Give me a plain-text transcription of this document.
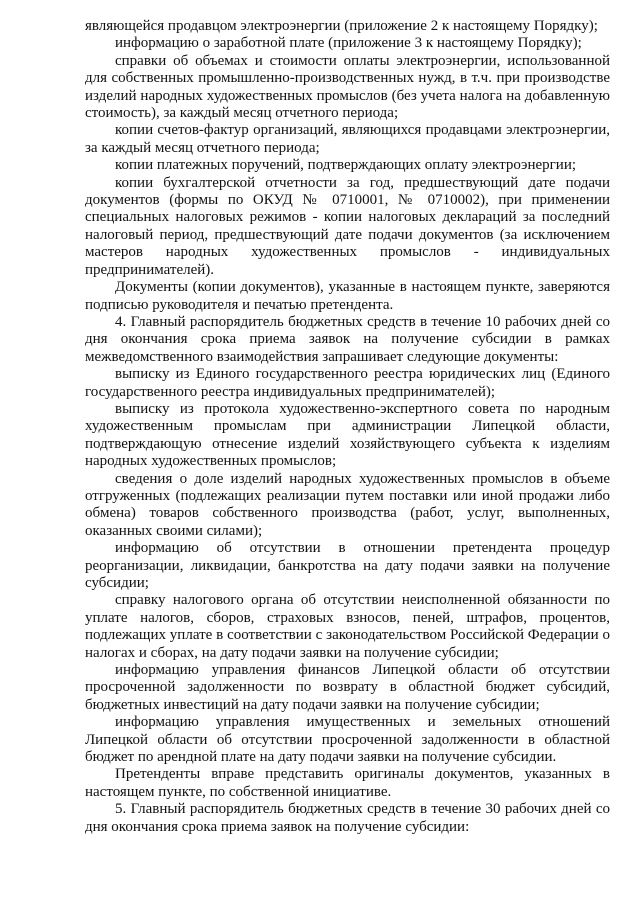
являющейся продавцом электроэнергии (приложение 2 к настоящему Порядку);

информацию о заработной плате (приложение 3 к настоящему Порядку);

справки об объемах и стоимости оплаты электроэнергии, использованной для собственных промышленно-производственных нужд, в т.ч. при производстве изделий народных художественных промыслов (без учета налога на добавленную стоимость), за каждый месяц отчетного периода;

копии счетов-фактур организаций, являющихся продавцами электроэнергии, за каждый месяц отчетного периода;

копии платежных поручений, подтверждающих оплату электроэнергии;

копии бухгалтерской отчетности за год, предшествующий дате подачи документов (формы по ОКУД № 0710001, № 0710002), при применении специальных налоговых режимов - копии налоговых деклараций за последний налоговый период, предшествующий дате подачи документов (за исключением мастеров народных художественных промыслов - индивидуальных предпринимателей).

Документы (копии документов), указанные в настоящем пункте, заверяются подписью руководителя и печатью претендента.

4. Главный распорядитель бюджетных средств в течение 10 рабочих дней со дня окончания срока приема заявок на получение субсидии в рамках межведомственного взаимодействия запрашивает следующие документы:

выписку из Единого государственного реестра юридических лиц (Единого государственного реестра индивидуальных предпринимателей);

выписку из протокола художественно-экспертного совета по народным художественным промыслам при администрации Липецкой области, подтверждающую отнесение изделий хозяйствующего субъекта к изделиям народных художественных промыслов;

сведения о доле изделий народных художественных промыслов в объеме отгруженных (подлежащих реализации путем поставки или иной продажи либо обмена) товаров собственного производства (работ, услуг, выполненных, оказанных своими силами);

информацию об отсутствии в отношении претендента процедур реорганизации, ликвидации, банкротства на дату подачи заявки на получение субсидии;

справку налогового органа об отсутствии неисполненной обязанности по уплате налогов, сборов, страховых взносов, пеней, штрафов, процентов, подлежащих уплате в соответствии с законодательством Российской Федерации о налогах и сборах, на дату подачи заявки на получение субсидии;

информацию управления финансов Липецкой области об отсутствии просроченной задолженности по возврату в областной бюджет субсидий, бюджетных инвестиций на дату подачи заявки на получение субсидии;

информацию управления имущественных и земельных отношений Липецкой области об отсутствии просроченной задолженности в областной бюджет по арендной плате на дату подачи заявки на получение субсидии.

Претенденты вправе представить оригиналы документов, указанных в настоящем пункте, по собственной инициативе.

5. Главный распорядитель бюджетных средств в течение 30 рабочих дней со дня окончания срока приема заявок на получение субсидии:
